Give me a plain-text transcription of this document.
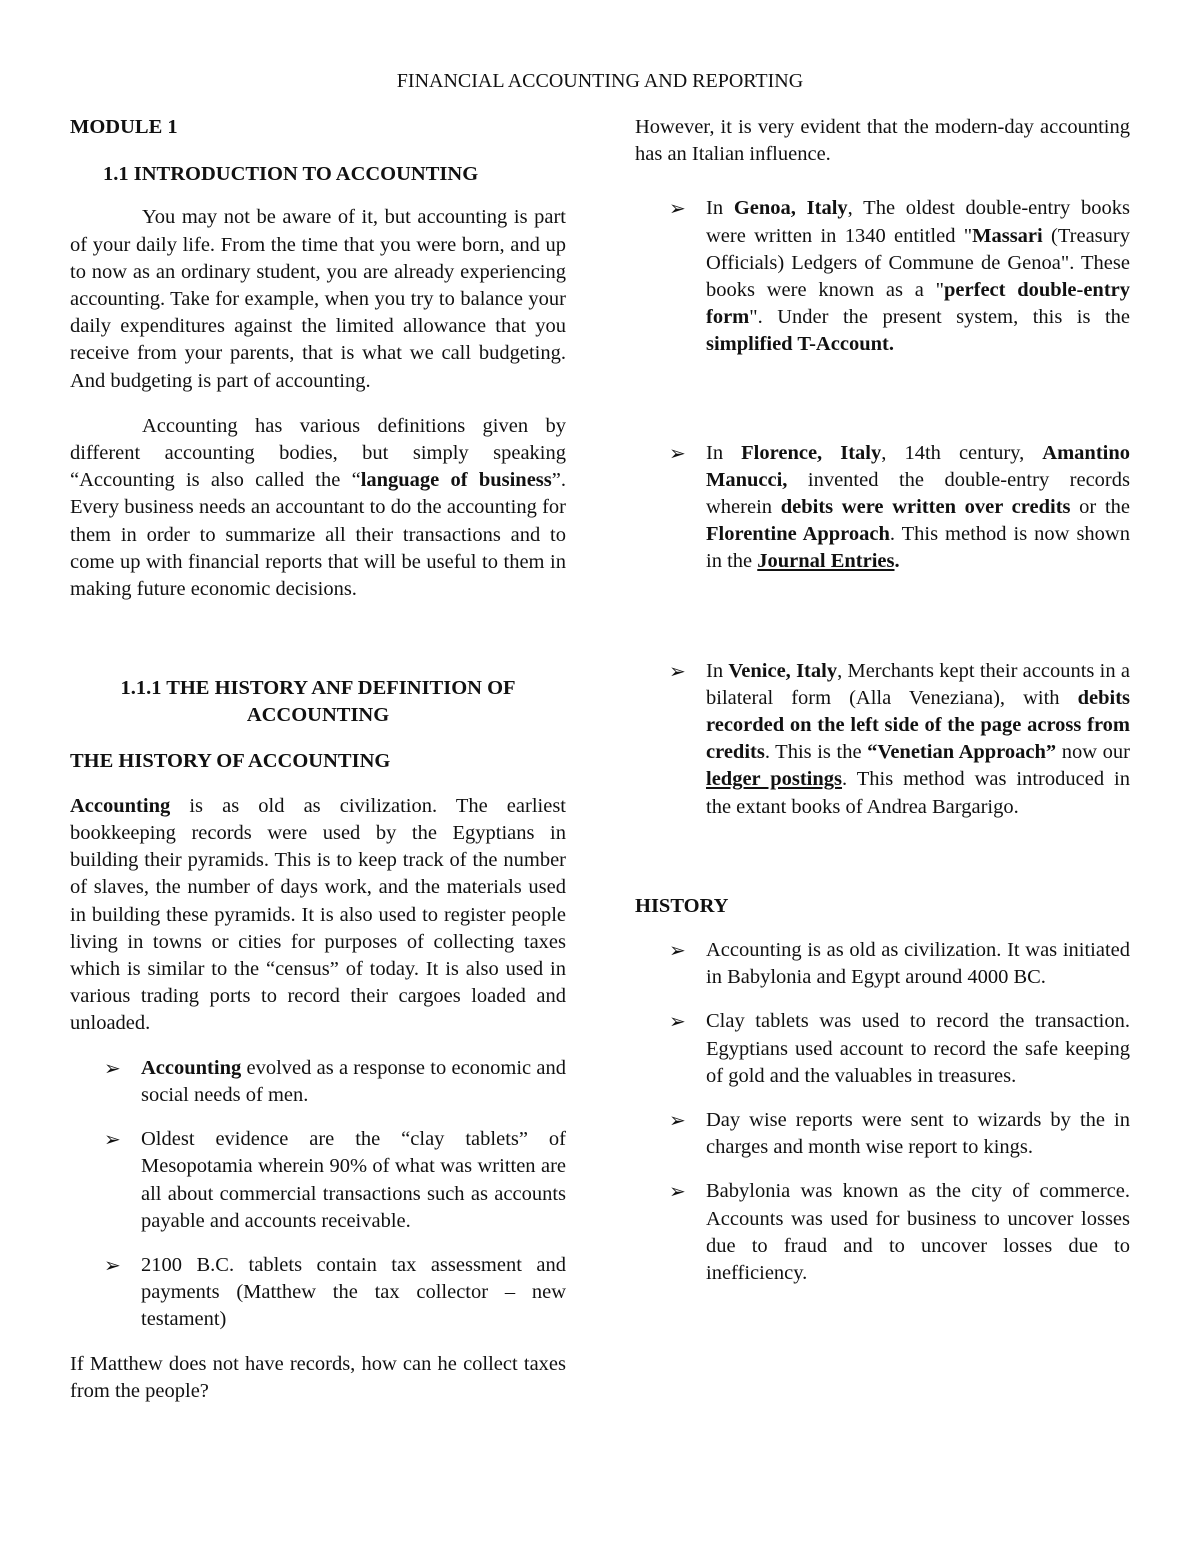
FINANCIAL ACCOUNTING AND REPORTING

MODULE 1

1.1 INTRODUCTION TO ACCOUNTING

You may not be aware of it, but accounting is part of your daily life. From the time that you were born, and up to now as an ordinary student, you are already experiencing accounting. Take for example, when you try to balance your daily expenditures against the limited allowance that you receive from your parents, that is what we call budgeting. And budgeting is part of accounting.

Accounting has various definitions given by different accounting bodies, but simply speaking “Accounting is also called the “language of business”. Every business needs an accountant to do the accounting for them in order to summarize all their transactions and to come up with financial reports that will be useful to them in making future economic decisions.

1.1.1 THE HISTORY ANF DEFINITION OF ACCOUNTING

THE HISTORY OF ACCOUNTING

Accounting is as old as civilization. The earliest bookkeeping records were used by the Egyptians in building their pyramids. This is to keep track of the number of slaves, the number of days work, and the materials used in building these pyramids. It is also used to register people living in towns or cities for purposes of collecting taxes which is similar to the “census” of today. It is also used in various trading ports to record their cargoes loaded and unloaded.

➢ Accounting evolved as a response to economic and social needs of men.
➢ Oldest evidence are the “clay tablets” of Mesopotamia wherein 90% of what was written are all about commercial transactions such as accounts payable and accounts receivable.
➢ 2100 B.C. tablets contain tax assessment and payments (Matthew the tax collector – new testament)

If Matthew does not have records, how can he collect taxes from the people?

However, it is very evident that the modern-day accounting has an Italian influence.

➢ In Genoa, Italy, The oldest double-entry books were written in 1340 entitled "Massari (Treasury Officials) Ledgers of Commune de Genoa". These books were known as a "perfect double-entry form". Under the present system, this is the simplified T-Account.
➢ In Florence, Italy, 14th century, Amantino Manucci, invented the double-entry records wherein debits were written over credits or the Florentine Approach. This method is now shown in the Journal Entries.
➢ In Venice, Italy, Merchants kept their accounts in a bilateral form (Alla Veneziana), with debits recorded on the left side of the page across from credits. This is the “Venetian Approach” now our ledger postings. This method was introduced in the extant books of Andrea Bargarigo.

HISTORY

➢ Accounting is as old as civilization. It was initiated in Babylonia and Egypt around 4000 BC.
➢ Clay tablets was used to record the transaction. Egyptians used account to record the safe keeping of gold and the valuables in treasures.
➢ Day wise reports were sent to wizards by the in charges and month wise report to kings.
➢ Babylonia was known as the city of commerce. Accounts was used for business to uncover losses due to fraud and to uncover losses due to inefficiency.
